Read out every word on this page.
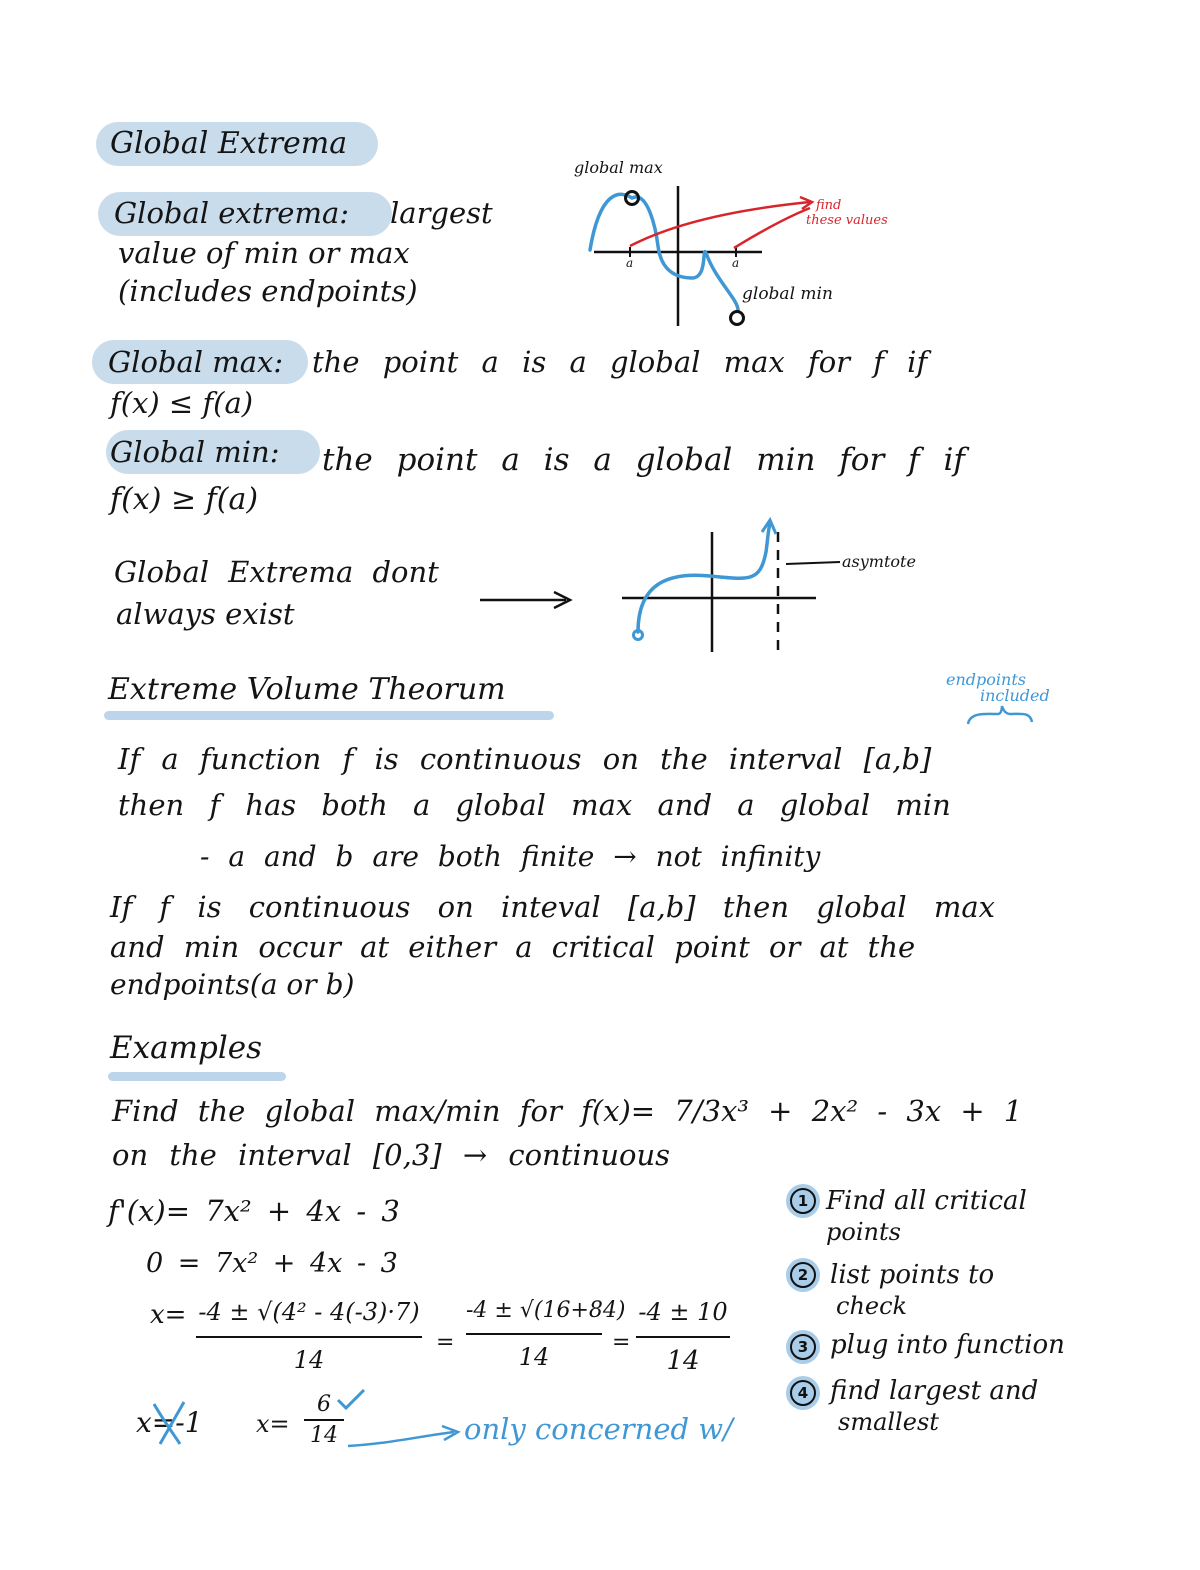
Global Extrema
Global extrema: largest
value of min or max
(includes endpoints)
global max
global min
find
these values
a	a
Global max: the point a is a global max for f if
f(x) ≤ f(a)
Global min: the point a is a global min for f if
f(x) ≥ f(a)
Global Extrema dont
always exist
asymtote
Extreme Volume Theorum	endpoints
included
If a function f is continuous on the interval [a,b]
then f has both a global max and a global min
- a and b are both finite → not infinity
If f is continuous on inteval [a,b] then global max
and min occur at either a critical point or at the
endpoints(a or b)
Examples
Find the global max/min for f(x)= 7/3x³ + 2x² - 3x + 1
on the interval [0,3] → continuous
f'(x)= 7x² + 4x - 3
0 = 7x² + 4x - 3
x= -4 ± √(4² - 4(-3)·7)
14
=
-4 ± √(16+84)
14
=
-4 ± 10
14
x=-1 x=
6
14	only concerned w/
1 Find all critical
points
2 list points to
check
3 plug into function
4 find largest and
smallest
